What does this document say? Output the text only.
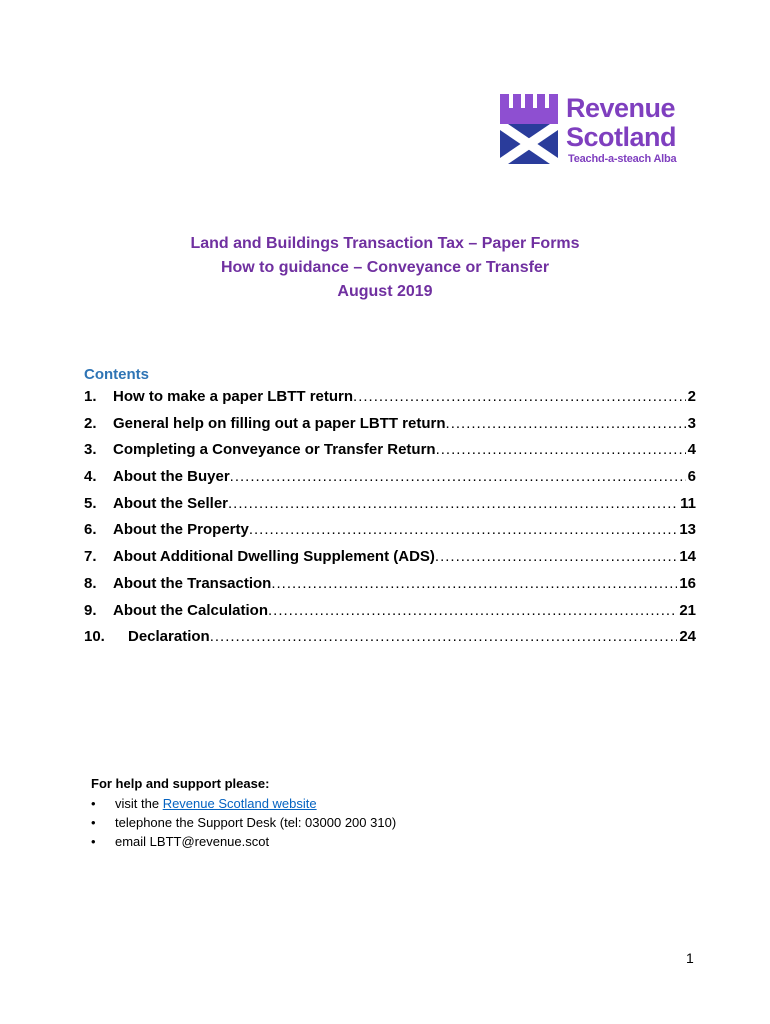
Revenue
Scotland
Teachd-a-steach Alba
Land and Buildings Transaction Tax – Paper Forms
How to guidance – Conveyance or Transfer
August 2019
Contents
1.	How to make a paper LBTT return .....	2
2.	General help on filling out a paper LBTT return .....	3
3.	Completing a Conveyance or Transfer Return .....	4
4.	About the Buyer .....	6
5.	About the Seller .....	11
6.	About the Property .....	13
7.	About Additional Dwelling Supplement (ADS) .....	14
8.	About the Transaction .....	16
9.	About the Calculation .....	21
10.	Declaration .....	24
For help and support please:
• visit the Revenue Scotland website
• telephone the Support Desk (tel: 03000 200 310)
• email LBTT@revenue.scot
1
